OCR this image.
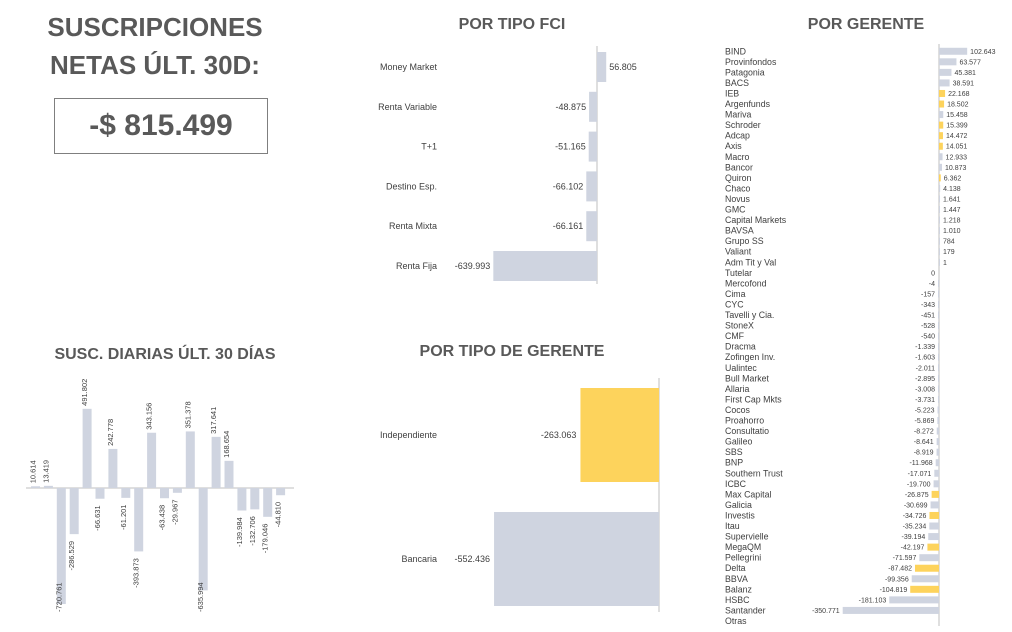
SUSCRIPCIONES
NETAS ÚLT. 30D:
-$ 815.499
SUSC. DIARIAS ÚLT. 30 DÍAS
POR TIPO FCI
POR TIPO DE GERENTE
POR GERENTE
10.614 13.419
-720.761
-286.529
491.802
-66.631
242.778
-61.201
-393.873
343.156
-63.438 -29.967
351.378
-635.994
317.641
168.654
-139.984 -132.706 -179.046
-44.810
Money Market	56.805
Renta Variable	-48.875
T+1	-51.165
Destino Esp.	-66.102
Renta Mixta	-66.161
Renta Fija -639.993
Independiente	-263.063
Bancaria -552.436
BIND	102.643
Provinfondos	63.577
Patagonia	45.381
BACS	38.591
IEB	22.168
Argenfunds	18.502
Mariva	15.458
Schroder	15.399
Adcap	14.472
Axis	14.051
Macro	12.933
Bancor	10.873
Quiron	6.362
Chaco	4.138
Novus	1.641
GMC	1.447
Capital Markets	1.218
BAVSA	1.010
Grupo SS	784
Valiant	179
Adm Tit y Val	1
Tutelar	0
Mercofond	-4
Cima	-157
CYC	-343
Tavelli y Cia.	-451
StoneX	-528
CMF	-540
Dracma	-1.339
Zofingen Inv.	-1.603
Ualintec	-2.011
Bull Market	-2.895
Allaria	-3.008
First Cap Mkts	-3.731
Cocos	-5.223
Proahorro	-5.869
Consultatio	-8.272
Galileo	-8.641
SBS	-8.919
BNP	-11.968
Southern Trust	-17.071
ICBC	-19.700
Max Capital	-26.875
Galicia	-30.699
Investis	-34.726
Itau	-35.234
Supervielle	-39.194
MegaQM	-42.197
Pellegrini	-71.597
Delta	-87.482
BBVA	-99.356
Balanz	-104.819
HSBC	-181.103
Santander	-350.771
Otras
